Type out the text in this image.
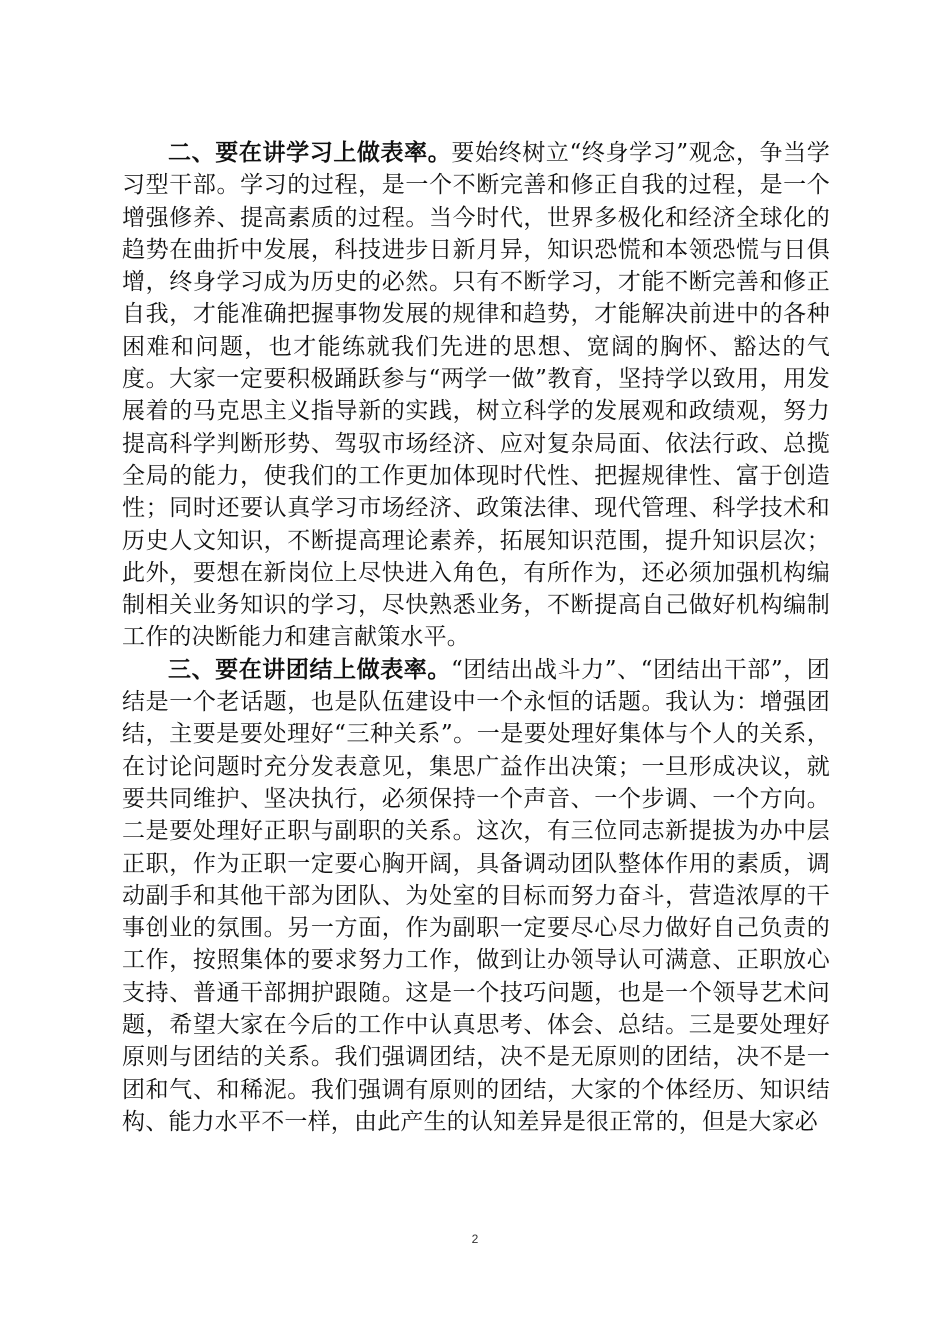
二、要在讲学习上做表率。要始终树立“终身学习”观念，争当学习型干部。学习的过程，是一个不断完善和修正自我的过程，是一个增强修养、提高素质的过程。当今时代，世界多极化和经济全球化的趋势在曲折中发展，科技进步日新月异，知识恐慌和本领恐慌与日俱增，终身学习成为历史的必然。只有不断学习，才能不断完善和修正自我，才能准确把握事物发展的规律和趋势，才能解决前进中的各种困难和问题，也才能练就我们先进的思想、宽阔的胸怀、豁达的气度。大家一定要积极踊跃参与“两学一做”教育，坚持学以致用，用发展着的马克思主义指导新的实践，树立科学的发展观和政绩观，努力提高科学判断形势、驾驭市场经济、应对复杂局面、依法行政、总揽全局的能力，使我们的工作更加体现时代性、把握规律性、富于创造性；同时还要认真学习市场经济、政策法律、现代管理、科学技术和历史人文知识，不断提高理论素养，拓展知识范围，提升知识层次；此外，要想在新岗位上尽快进入角色，有所作为，还必须加强机构编制相关业务知识的学习，尽快熟悉业务，不断提高自己做好机构编制工作的决断能力和建言献策水平。

三、要在讲团结上做表率。“团结出战斗力”、“团结出干部”，团结是一个老话题，也是队伍建设中一个永恒的话题。我认为：增强团结，主要是要处理好“三种关系”。一是要处理好集体与个人的关系，在讨论问题时充分发表意见，集思广益作出决策；一旦形成决议，就要共同维护、坚决执行，必须保持一个声音、一个步调、一个方向。二是要处理好正职与副职的关系。这次，有三位同志新提拔为办中层正职，作为正职一定要心胸开阔，具备调动团队整体作用的素质，调动副手和其他干部为团队、为处室的目标而努力奋斗，营造浓厚的干事创业的氛围。另一方面，作为副职一定要尽心尽力做好自己负责的工作，按照集体的要求努力工作，做到让办领导认可满意、正职放心支持、普通干部拥护跟随。这是一个技巧问题，也是一个领导艺术问题，希望大家在今后的工作中认真思考、体会、总结。三是要处理好原则与团结的关系。我们强调团结，决不是无原则的团结，决不是一团和气、和稀泥。我们强调有原则的团结，大家的个体经历、知识结构、能力水平不一样，由此产生的认知差异是很正常的，但是大家必

2
